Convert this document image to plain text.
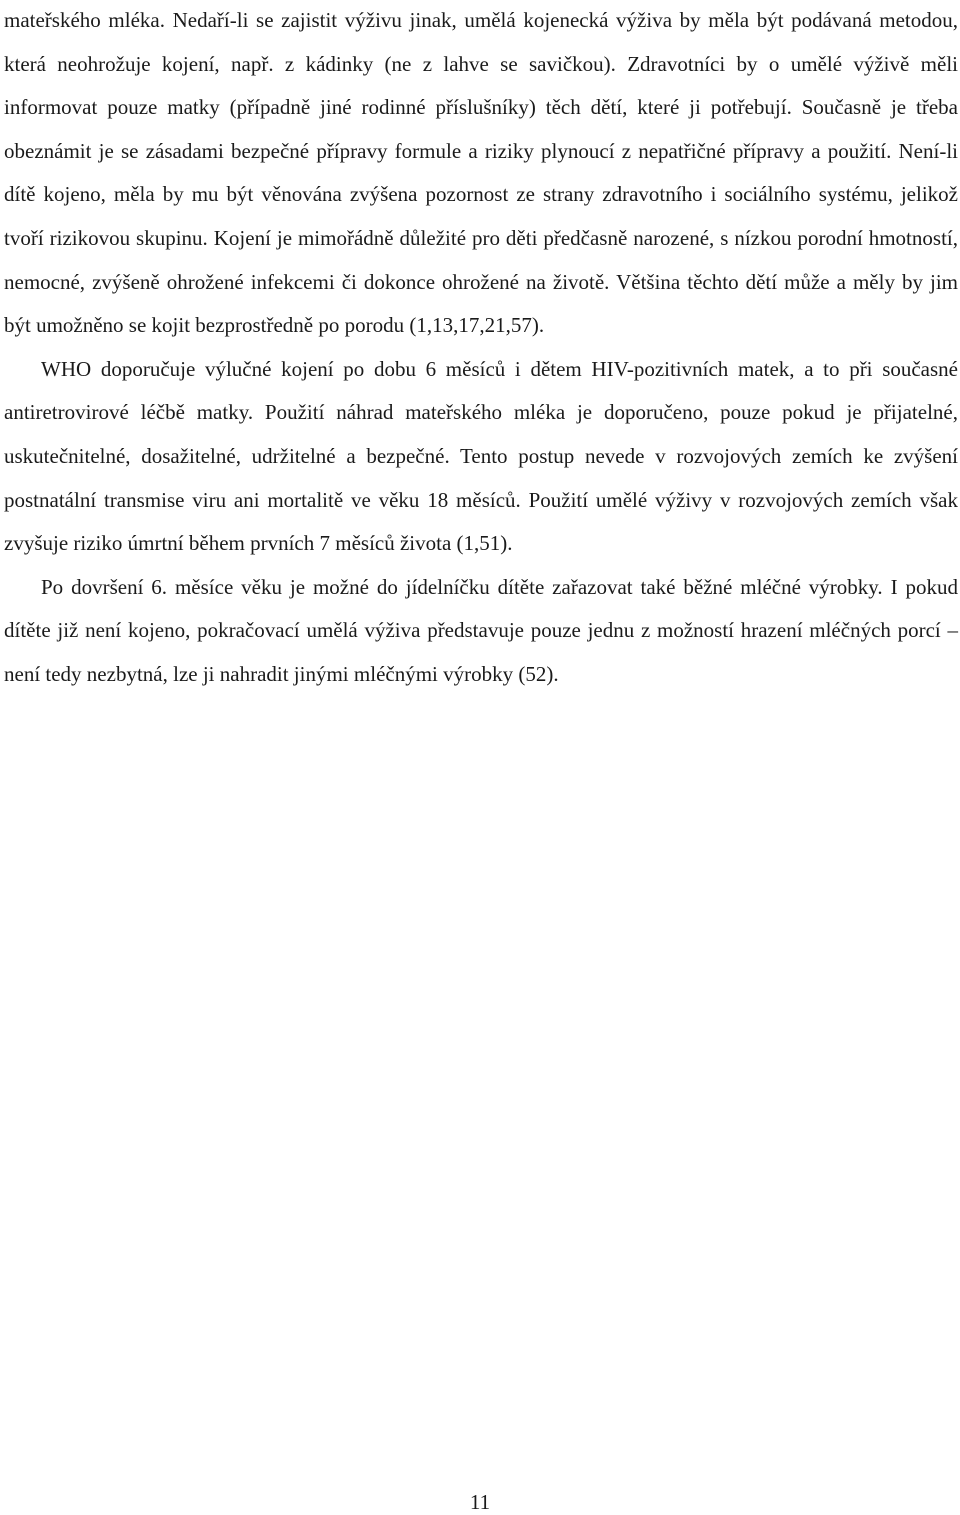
mateřského mléka. Nedaří-li se zajistit výživu jinak, umělá kojenecká výživa by měla být podávaná metodou, která neohrožuje kojení, např. z kádinky (ne z lahve se savičkou). Zdravotníci by o umělé výživě měli informovat pouze matky (případně jiné rodinné příslušníky) těch dětí, které ji potřebují. Současně je třeba obeznámit je se zásadami bezpečné přípravy formule a riziky plynoucí z nepatřičné přípravy a použití. Není-li dítě kojeno, měla by mu být věnována zvýšena pozornost ze strany zdravotního i sociálního systému, jelikož tvoří rizikovou skupinu. Kojení je mimořádně důležité pro děti předčasně narozené, s nízkou porodní hmotností, nemocné, zvýšeně ohrožené infekcemi či dokonce ohrožené na životě. Většina těchto dětí může a měly by jim být umožněno se kojit bezprostředně po porodu (1,13,17,21,57).

WHO doporučuje výlučné kojení po dobu 6 měsíců i dětem HIV-pozitivních matek, a to při současné antiretrovirové léčbě matky. Použití náhrad mateřského mléka je doporučeno, pouze pokud je přijatelné, uskutečnitelné, dosažitelné, udržitelné a bezpečné. Tento postup nevede v rozvojových zemích ke zvýšení postnatální transmise viru ani mortalitě ve věku 18 měsíců. Použití umělé výživy v rozvojových zemích však zvyšuje riziko úmrtní během prvních 7 měsíců života (1,51).

Po dovršení 6. měsíce věku je možné do jídelníčku dítěte zařazovat také běžné mléčné výrobky. I pokud dítěte již není kojeno, pokračovací umělá výživa představuje pouze jednu z možností hrazení mléčných porcí – není tedy nezbytná, lze ji nahradit jinými mléčnými výrobky (52).

11
